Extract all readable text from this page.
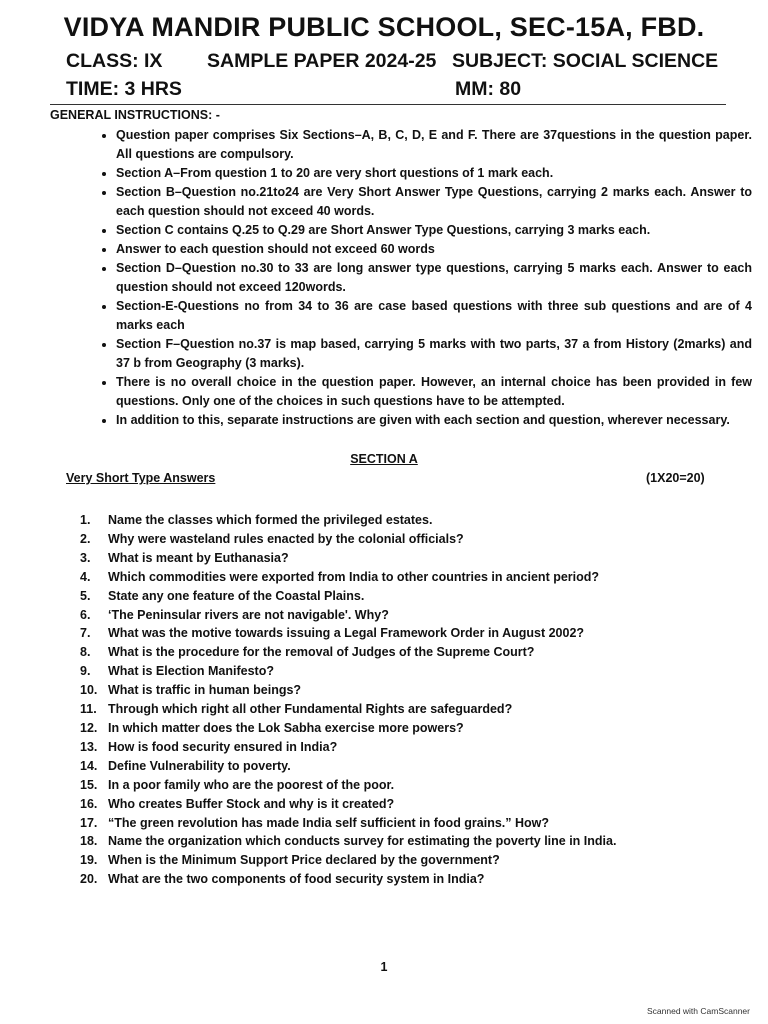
VIDYA MANDIR PUBLIC SCHOOL, SEC-15A, FBD.
CLASS: IX SAMPLE PAPER 2024-25 SUBJECT: SOCIAL SCIENCE
TIME: 3 HRS	MM: 80
GENERAL INSTRUCTIONS: -
• Question paper comprises Six Sections–A, B, C, D, E and F. There are 37questions in the question paper. All questions are compulsory.
• Section A–From question 1 to 20 are very short questions of 1 mark each.
• Section B–Question no.21to24 are Very Short Answer Type Questions, carrying 2 marks each. Answer to each question should not exceed 40 words.
• Section C contains Q.25 to Q.29 are Short Answer Type Questions, carrying 3 marks each.
• Answer to each question should not exceed 60 words
• Section D–Question no.30 to 33 are long answer type questions, carrying 5 marks each. Answer to each question should not exceed 120words.
• Section-E-Questions no from 34 to 36 are case based questions with three sub questions and are of 4 marks each
• Section F–Question no.37 is map based, carrying 5 marks with two parts, 37 a from History (2marks) and 37 b from Geography (3 marks).
• There is no overall choice in the question paper. However, an internal choice has been provided in few questions. Only one of the choices in such questions have to be attempted.
• In addition to this, separate instructions are given with each section and question, wherever necessary.
SECTION A
Very Short Type Answers	(1X20=20)
1. Name the classes which formed the privileged estates.
2. Why were wasteland rules enacted by the colonial officials?
3. What is meant by Euthanasia?
4. Which commodities were exported from India to other countries in ancient period?
5. State any one feature of the Coastal Plains.
6. ‘The Peninsular rivers are not navigable'. Why?
7. What was the motive towards issuing a Legal Framework Order in August 2002?
8. What is the procedure for the removal of Judges of the Supreme Court?
9. What is Election Manifesto?
10. What is traffic in human beings?
11. Through which right all other Fundamental Rights are safeguarded?
12. In which matter does the Lok Sabha exercise more powers?
13. How is food security ensured in India?
14. Define Vulnerability to poverty.
15. In a poor family who are the poorest of the poor.
16. Who creates Buffer Stock and why is it created?
17. “The green revolution has made India self sufficient in food grains.” How?
18. Name the organization which conducts survey for estimating the poverty line in India.
19. When is the Minimum Support Price declared by the government?
20. What are the two components of food security system in India?
1
Scanned with CamScanner
